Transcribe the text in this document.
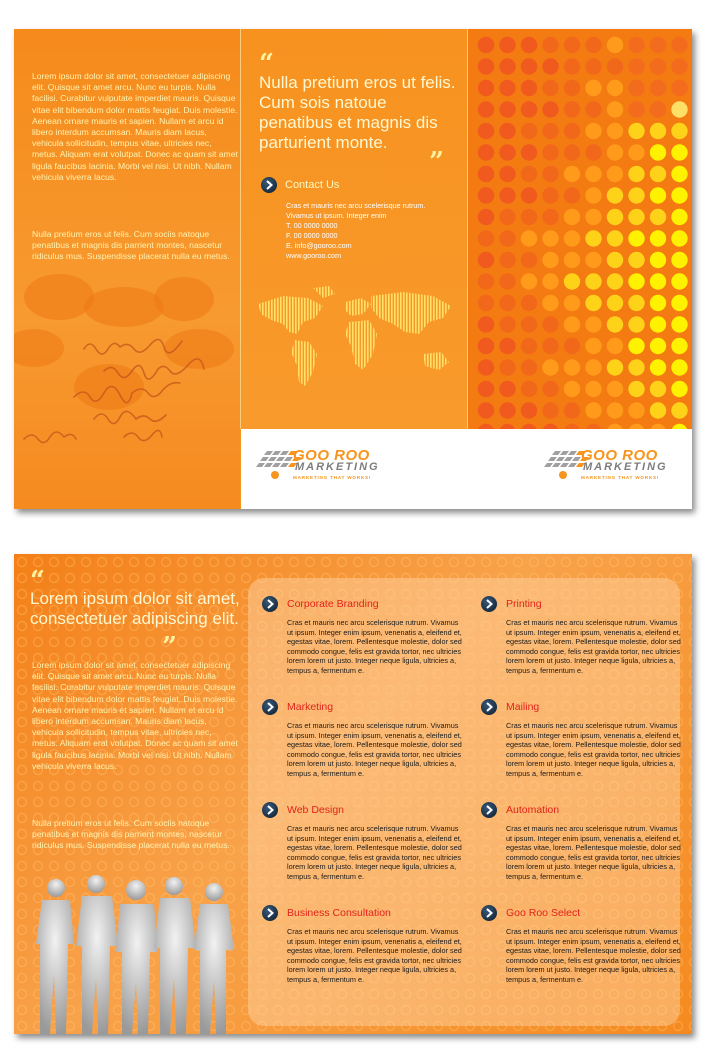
Lorem ipsum dolor sit amet, consectetuer adipiscing elit. Quisque sit amet arcu. Nunc eu turpis. Nulla facilisi. Curabitur vulputate imperdiet mauris. Quisque vitae elit bibendum dolor mattis feugiat. Duis molestie. Aenean ornare mauris et sapien. Nullam et arcu id libero interdum accumsan. Mauris diam lacus, vehicula sollicitudin, tempus vitae, ultricies nec, metus. Aliquam erat volutpat. Donec ac quam sit amet ligula faucibus lacinia. Morbi vel nisi. Ut nibh. Nullam vehicula viverra lacus.

Nulla pretium eros ut felis. Cum sociis natoque penatibus et magnis dis parrient montes, nascetur ridiculus mus. Suspendisse placerat nulla eu metus.

“
Nulla pretium eros ut felis. Cum sois natoue penatibus et magnis dis parturient monte.
”
Contact Us
Cras et mauris nec arcu scelerisque rutrum.
Vivamus ut ipsum. Integer enim
T. 00 0000 0000
F. 00 0000 0000
E. info@gooroo.com
www.gooroo.com
GOO ROO
MARKETING
MARKETING THAT WORKS!
GOO ROO
MARKETING
MARKETING THAT WORKS!
“
Lorem ipsum dolor sit amet, consectetuer adipiscing elit.
”

Lorem ipsum dolor sit amet, consectetuer adipiscing elit. Quisque sit amet arcu. Nunc eu turpis. Nulla facilisi. Curabitur vulputate imperdiet mauris. Quisque vitae elit bibendum dolor mattis feugiat. Duis molestie. Aenean ornare mauris et sapien. Nullam et arcu id libero interdum accumsan. Mauris diam lacus, vehicula sollicitudin, tempus vitae, ultricies nec, metus. Aliquam erat volutpat. Donec ac quam sit amet ligula faucibus lacinia. Morbi vel nisi. Ut nibh. Nullam vehicula viverra lacus.

Nulla pretium eros ut felis. Cum sociis natoque penatibus et magnis dis parrient montes, nascetur ridiculus mus. Suspendisse placerat nulla eu metus.

Corporate Branding
Cras et mauris nec arcu scelerisque rutrum. Vivamus ut ipsum. Integer enim ipsum, venenatis a, eleifend et, egestas vitae, lorem. Pellentesque molestie, dolor sed commodo congue, felis est gravida tortor, nec ultricies lorem lorem ut justo. Integer neque ligula, ultricies a, tempus a, fermentum e.
Marketing
Cras et mauris nec arcu scelerisque rutrum. Vivamus ut ipsum. Integer enim ipsum, venenatis a, eleifend et, egestas vitae, lorem. Pellentesque molestie, dolor sed commodo congue, felis est gravida tortor, nec ultricies lorem lorem ut justo. Integer neque ligula, ultricies a, tempus a, fermentum e.
Web Design
Cras et mauris nec arcu scelerisque rutrum. Vivamus ut ipsum. Integer enim ipsum, venenatis a, eleifend et, egestas vitae, lorem. Pellentesque molestie, dolor sed commodo congue, felis est gravida tortor, nec ultricies lorem lorem ut justo. Integer neque ligula, ultricies a, tempus a, fermentum e.
Business Consultation
Cras et mauris nec arcu scelerisque rutrum. Vivamus ut ipsum. Integer enim ipsum, venenatis a, eleifend et, egestas vitae, lorem. Pellentesque molestie, dolor sed commodo congue, felis est gravida tortor, nec ultricies lorem lorem ut justo. Integer neque ligula, ultricies a, tempus a, fermentum e.
Printing
Cras et mauris nec arcu scelerisque rutrum. Vivamus ut ipsum. Integer enim ipsum, venenatis a, eleifend et, egestas vitae, lorem. Pellentesque molestie, dolor sed commodo congue, felis est gravida tortor, nec ultricies lorem lorem ut justo. Integer neque ligula, ultricies a, tempus a, fermentum e.
Mailing
Cras et mauris nec arcu scelerisque rutrum. Vivamus ut ipsum. Integer enim ipsum, venenatis a, eleifend et, egestas vitae, lorem. Pellentesque molestie, dolor sed commodo congue, felis est gravida tortor, nec ultricies lorem lorem ut justo. Integer neque ligula, ultricies a, tempus a, fermentum e.
Automation
Cras et mauris nec arcu scelerisque rutrum. Vivamus ut ipsum. Integer enim ipsum, venenatis a, eleifend et, egestas vitae, lorem. Pellentesque molestie, dolor sed commodo congue, felis est gravida tortor, nec ultricies lorem lorem ut justo. Integer neque ligula, ultricies a, tempus a, fermentum e.
Goo Roo Select
Cras et mauris nec arcu scelerisque rutrum. Vivamus ut ipsum. Integer enim ipsum, venenatis a, eleifend et, egestas vitae, lorem. Pellentesque molestie, dolor sed commodo congue, felis est gravida tortor, nec ultricies lorem lorem ut justo. Integer neque ligula, ultricies a, tempus a, fermentum e.
